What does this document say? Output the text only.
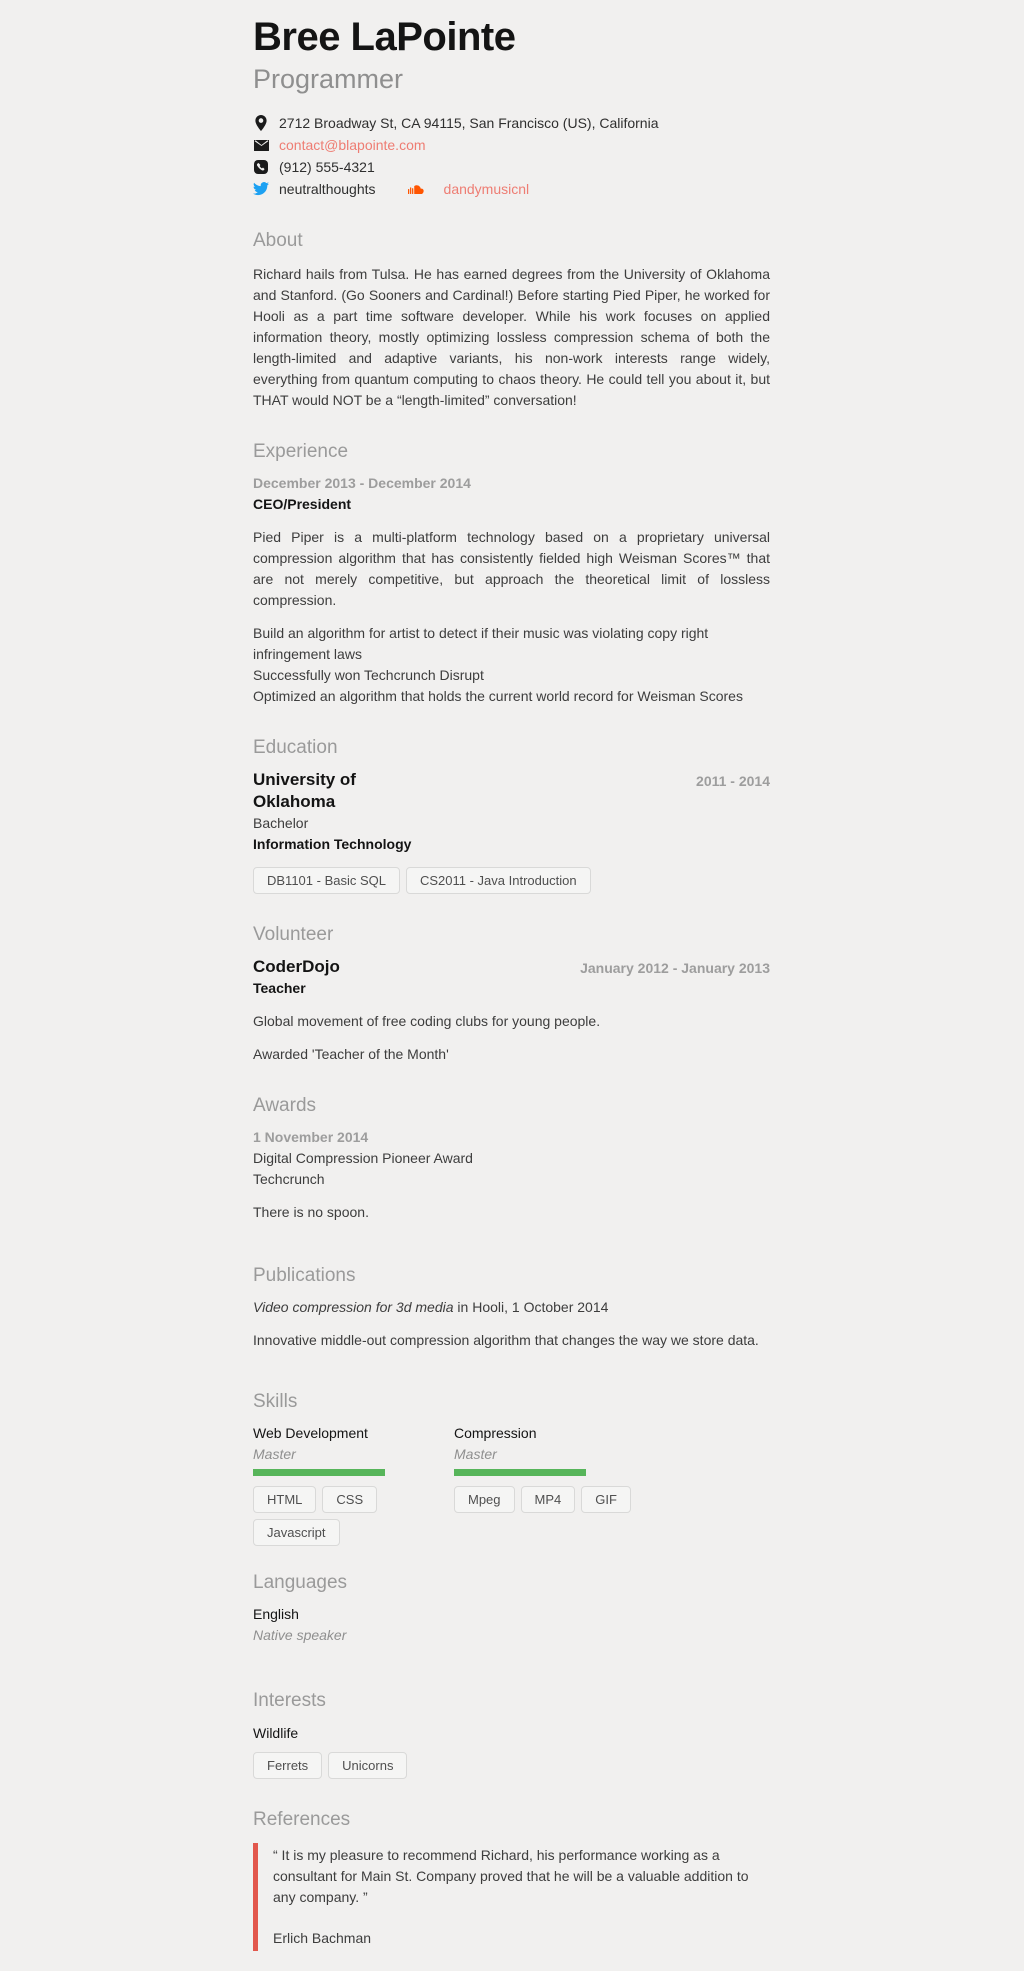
Bree LaPointe
Programmer
2712 Broadway St, CA 94115, San Francisco (US), California
contact@blapointe.com
(912) 555-4321
neutralthoughts	dandymusicnl
About

Richard hails from Tulsa. He has earned degrees from the University of Oklahoma and Stanford. (Go Sooners and Cardinal!) Before starting Pied Piper, he worked for Hooli as a part time software developer. While his work focuses on applied information theory, mostly optimizing lossless compression schema of both the length-limited and adaptive variants, his non-work interests range widely, everything from quantum computing to chaos theory. He could tell you about it, but THAT would NOT be a “length-limited” conversation!

Experience
December 2013 - December 2014
CEO/President

Pied Piper is a multi-platform technology based on a proprietary universal compression algorithm that has consistently fielded high Weisman Scores™ that are not merely competitive, but approach the theoretical limit of lossless compression.

Build an algorithm for artist to detect if their music was violating copy right infringement laws
Successfully won Techcrunch Disrupt
Optimized an algorithm that holds the current world record for Weisman Scores
Education
University of Oklahoma
2011 - 2014
Bachelor
Information Technology
DB1101 - Basic SQL	CS2011 - Java Introduction
Volunteer
CoderDojo	January 2012 - January 2013
Teacher

Global movement of free coding clubs for young people.

Awarded 'Teacher of the Month'

Awards
1 November 2014
Digital Compression Pioneer Award
Techcrunch

There is no spoon.

Publications
Video compression for 3d media in Hooli, 1 October 2014

Innovative middle-out compression algorithm that changes the way we store data.

Skills
Web Development
Master
HTML	CSS
Javascript
Compression
Master
Mpeg	MP4	GIF
Languages
English
Native speaker
Interests
Wildlife
Ferrets	Unicorns
References

“ It is my pleasure to recommend Richard, his performance working as a consultant for Main St. Company proved that he will be a valuable addition to any company. ”

Erlich Bachman
